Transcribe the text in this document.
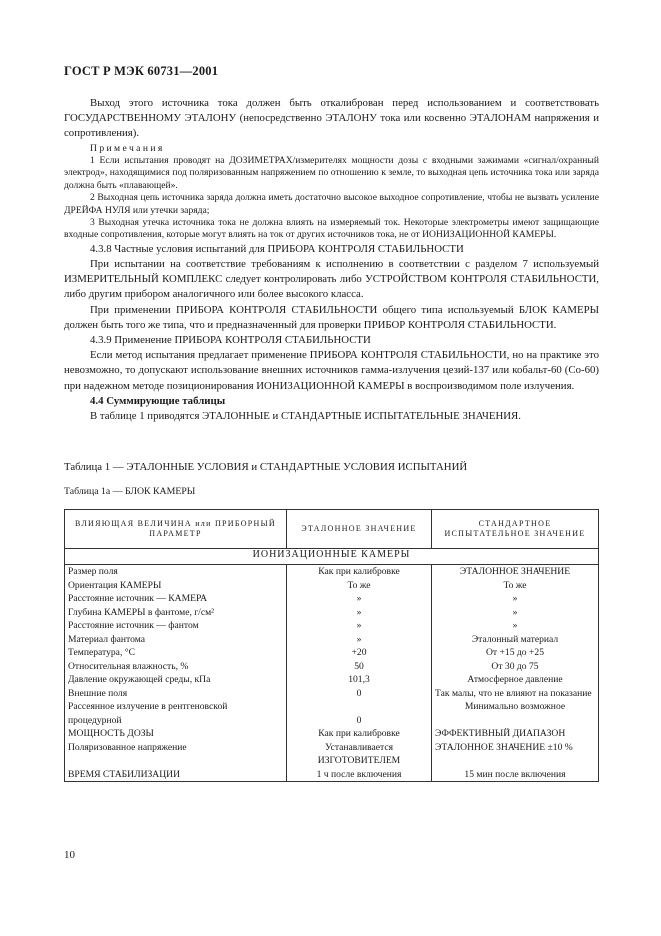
ГОСТ Р МЭК 60731—2001

Выход этого источника тока должен быть откалиброван перед использованием и соответствовать ГОСУДАРСТВЕННОМУ ЭТАЛОНУ (непосредственно ЭТАЛОНУ тока или косвенно ЭТАЛОНАМ напряжения и сопротивления).

Примечания

1 Если испытания проводят на ДОЗИМЕТРАХ/измерителях мощности дозы с входными зажимами «сигнал/охранный электрод», находящимися под поляризованным напряжением по отношению к земле, то выходная цепь источника тока или заряда должна быть «плавающей».

2 Выходная цепь источника заряда должна иметь достаточно высокое выходное сопротивление, чтобы не вызвать усиление ДРЕЙФА НУЛЯ или утечки заряда;

3 Выходная утечка источника тока не должна влиять на измеряемый ток. Некоторые электрометры имеют защищающие входные сопротивления, которые могут влиять на ток от других источников тока, не от ИОНИЗАЦИОННОЙ КАМЕРЫ.

4.3.8 Частные условия испытаний для ПРИБОРА КОНТРОЛЯ СТАБИЛЬНОСТИ

При испытании на соответствие требованиям к исполнению в соответствии с разделом 7 используемый ИЗМЕРИТЕЛЬНЫЙ КОМПЛЕКС следует контролировать либо УСТРОЙСТВОМ КОНТРОЛЯ СТАБИЛЬНОСТИ, либо другим прибором аналогичного или более высокого класса.

При применении ПРИБОРА КОНТРОЛЯ СТАБИЛЬНОСТИ общего типа используемый БЛОК КАМЕРЫ должен быть того же типа, что и предназначенный для проверки ПРИБОР КОНТРОЛЯ СТАБИЛЬНОСТИ.

4.3.9 Применение ПРИБОРА КОНТРОЛЯ СТАБИЛЬНОСТИ

Если метод испытания предлагает применение ПРИБОРА КОНТРОЛЯ СТАБИЛЬНОСТИ, но на практике это невозможно, то допускают использование внешних источников гамма-излучения цезий-137 или кобальт-60 (Со-60) при надежном методе позиционирования ИОНИЗАЦИОННОЙ КАМЕРЫ в воспроизводимом поле излучения.

4.4 Суммирующие таблицы

В таблице 1 приводятся ЭТАЛОННЫЕ и СТАНДАРТНЫЕ ИСПЫТАТЕЛЬНЫЕ ЗНАЧЕНИЯ.

Таблица 1 — ЭТАЛОННЫЕ УСЛОВИЯ и СТАНДАРТНЫЕ УСЛОВИЯ ИСПЫТАНИЙ
Таблица 1а — БЛОК КАМЕРЫ
ВЛИЯЮЩАЯ ВЕЛИЧИНА или ПРИБОРНЫЙ ПАРАМЕТР	ЭТАЛОННОЕ ЗНАЧЕНИЕ	СТАНДАРТНОЕ ИСПЫТАТЕЛЬНОЕ ЗНАЧЕНИЕ
ИОНИЗАЦИОННЫЕ КАМЕРЫ		
Размер поля	Как при калибровке	ЭТАЛОННОЕ ЗНАЧЕНИЕ
Ориентация КАМЕРЫ	То же	То же
Расстояние источник — КАМЕРА	»	»
Глубина КАМЕРЫ в фантоме, г/см²	»	»
Расстояние источник — фантом	»	»
Материал фантома	»	Эталонный материал
Температура, °С	+20	От +15 до +25
Относительная влажность, %	50	От 30 до 75
Давление окружающей среды, кПа	101,3	Атмосферное давление
Внешние поля	0	Так малы, что не влияют на показание
Рассеянное излучение в рентгеновской процедурной	0	Минимально возможное
МОЩНОСТЬ ДОЗЫ	Как при калибровке	ЭФФЕКТИВНЫЙ ДИАПАЗОН
Поляризованное напряжение	Устанавливается ИЗГОТОВИТЕЛЕМ	ЭТАЛОННОЕ ЗНАЧЕНИЕ ±10 %
ВРЕМЯ СТАБИЛИЗАЦИИ	1 ч после включения	15 мин после включения
10
